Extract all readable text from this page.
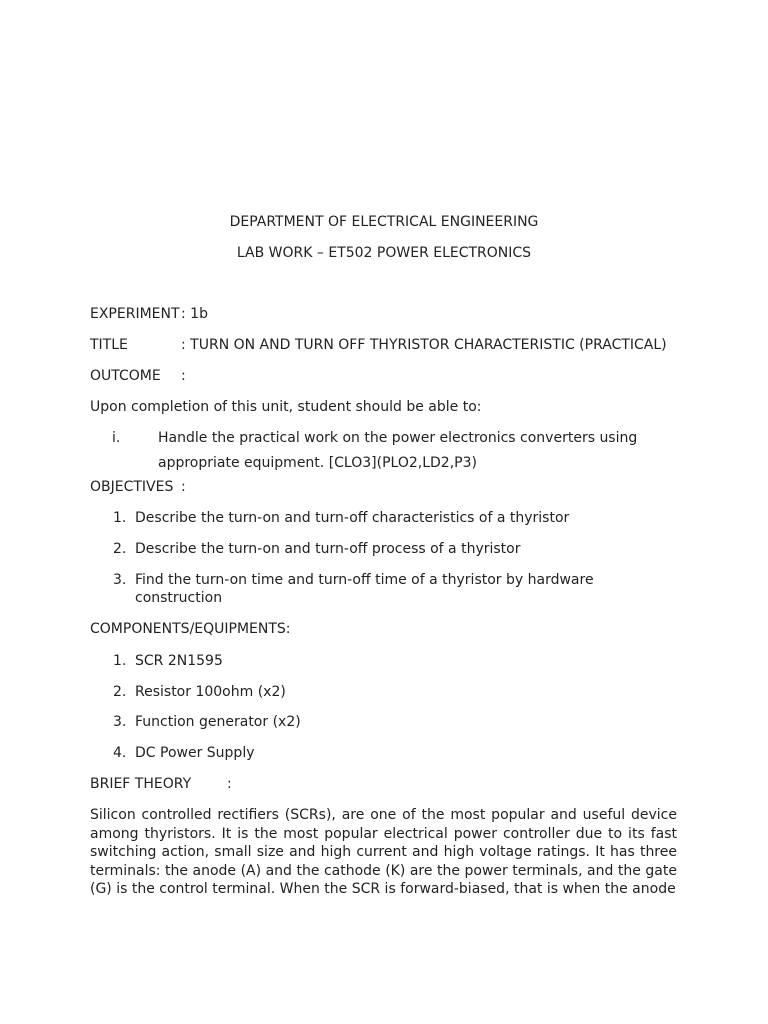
DEPARTMENT OF ELECTRICAL ENGINEERING
LAB WORK – ET502 POWER ELECTRONICS
EXPERIMENT : 1b
TITLE	: TURN ON AND TURN OFF THYRISTOR CHARACTERISTIC (PRACTICAL)
OUTCOME :
Upon completion of this unit, student should be able to:
i.	Handle the practical work on the power electronics converters using
appropriate equipment. [CLO3](PLO2,LD2,P3)
OBJECTIVES :
1. Describe the turn-on and turn-off characteristics of a thyristor
2. Describe the turn-on and turn-off process of a thyristor
3. Find the turn-on time and turn-off time of a thyristor by hardware
construction
COMPONENTS/EQUIPMENTS:
1. SCR 2N1595
2. Resistor 100ohm (x2)
3. Function generator (x2)
4. DC Power Supply
BRIEF THEORY	:
Silicon controlled rectifiers (SCRs), are one of the most popular and useful device among thyristors. It is the most popular electrical power controller due to its fast switching action, small size and high current and high voltage ratings. It has three terminals: the anode (A) and the cathode (K) are the power terminals, and the gate (G) is the control terminal. When the SCR is forward-biased, that is when the anode
